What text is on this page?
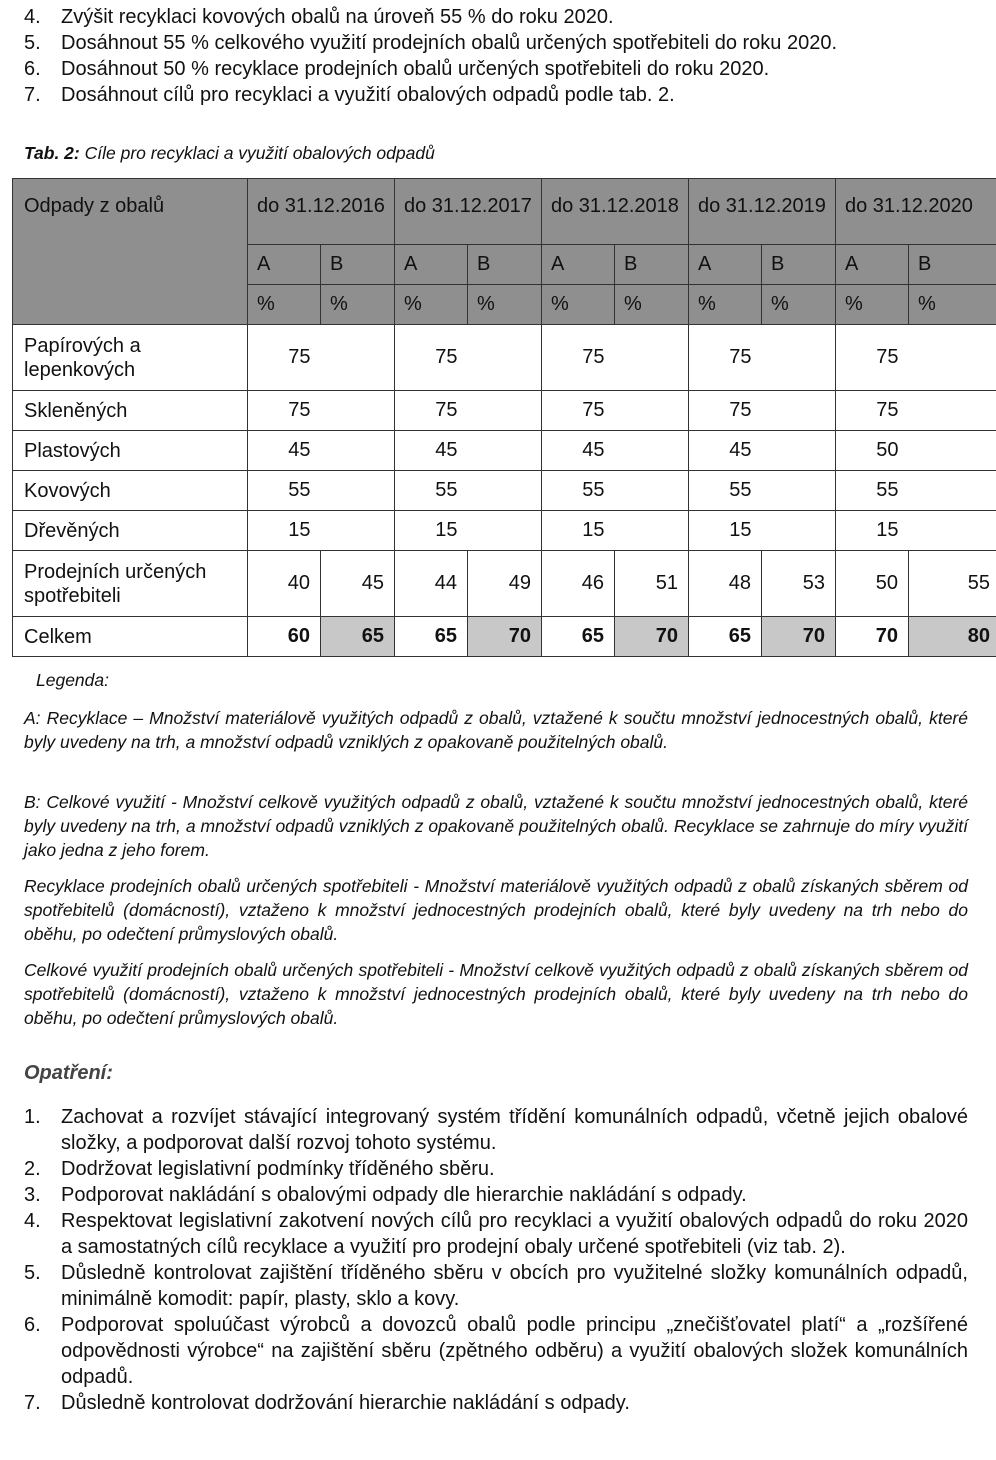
4. Zvýšit recyklaci kovových obalů na úroveň 55 % do roku 2020.
5. Dosáhnout 55 % celkového využití prodejních obalů určených spotřebiteli do roku 2020.
6. Dosáhnout 50 % recyklace prodejních obalů určených spotřebiteli do roku 2020.
7. Dosáhnout cílů pro recyklaci a využití obalových odpadů podle tab. 2.
Tab. 2: Cíle pro recyklaci a využití obalových odpadů
Odpady z obalů	do 31.12.2016		do 31.12.2017		do 31.12.2018		do 31.12.2019		do 31.12.2020	
	A	B	A	B	A	B	A	B	A	B
	%	%	%	%	%	%	%	%	%	%
Papírových a lepenkových	75		75		75		75		75	
Skleněných	75		75		75		75		75	
Plastových	45		45		45		45		50	
Kovových	55		55		55		55		55	
Dřevěných	15		15		15		15		15	
Prodejních určených spotřebiteli	40	45	44	49	46	51	48	53	50	55
Celkem	60	65	65	70	65	70	65	70	70	80
Legenda:

A: Recyklace – Množství materiálově využitých odpadů z obalů, vztažené k součtu množství jednocestných obalů, které byly uvedeny na trh, a množství odpadů vzniklých z opakovaně použitelných obalů.

B: Celkové využití - Množství celkově využitých odpadů z obalů, vztažené k součtu množství jednocestných obalů, které byly uvedeny na trh, a množství odpadů vzniklých z opakovaně použitelných obalů. Recyklace se zahrnuje do míry využití jako jedna z jeho forem.

Recyklace prodejních obalů určených spotřebiteli - Množství materiálově využitých odpadů z obalů získaných sběrem od spotřebitelů (domácností), vztaženo k množství jednocestných prodejních obalů, které byly uvedeny na trh nebo do oběhu, po odečtení průmyslových obalů.

Celkové využití prodejních obalů určených spotřebiteli - Množství celkově využitých odpadů z obalů získaných sběrem od spotřebitelů (domácností), vztaženo k množství jednocestných prodejních obalů, které byly uvedeny na trh nebo do oběhu, po odečtení průmyslových obalů.

Opatření:
1. Zachovat a rozvíjet stávající integrovaný systém třídění komunálních odpadů, včetně jejich obalové složky, a podporovat další rozvoj tohoto systému.
2. Dodržovat legislativní podmínky tříděného sběru.
3. Podporovat nakládání s obalovými odpady dle hierarchie nakládání s odpady.
4. Respektovat legislativní zakotvení nových cílů pro recyklaci a využití obalových odpadů do roku 2020 a samostatných cílů recyklace a využití pro prodejní obaly určené spotřebiteli (viz tab. 2).
5. Důsledně kontrolovat zajištění tříděného sběru v obcích pro využitelné složky komunálních odpadů, minimálně komodit: papír, plasty, sklo a kovy.
6. Podporovat spoluúčast výrobců a dovozců obalů podle principu „znečišťovatel platí“ a „rozšířené odpovědnosti výrobce“ na zajištění sběru (zpětného odběru) a využití obalových složek komunálních odpadů.
7. Důsledně kontrolovat dodržování hierarchie nakládání s odpady.
